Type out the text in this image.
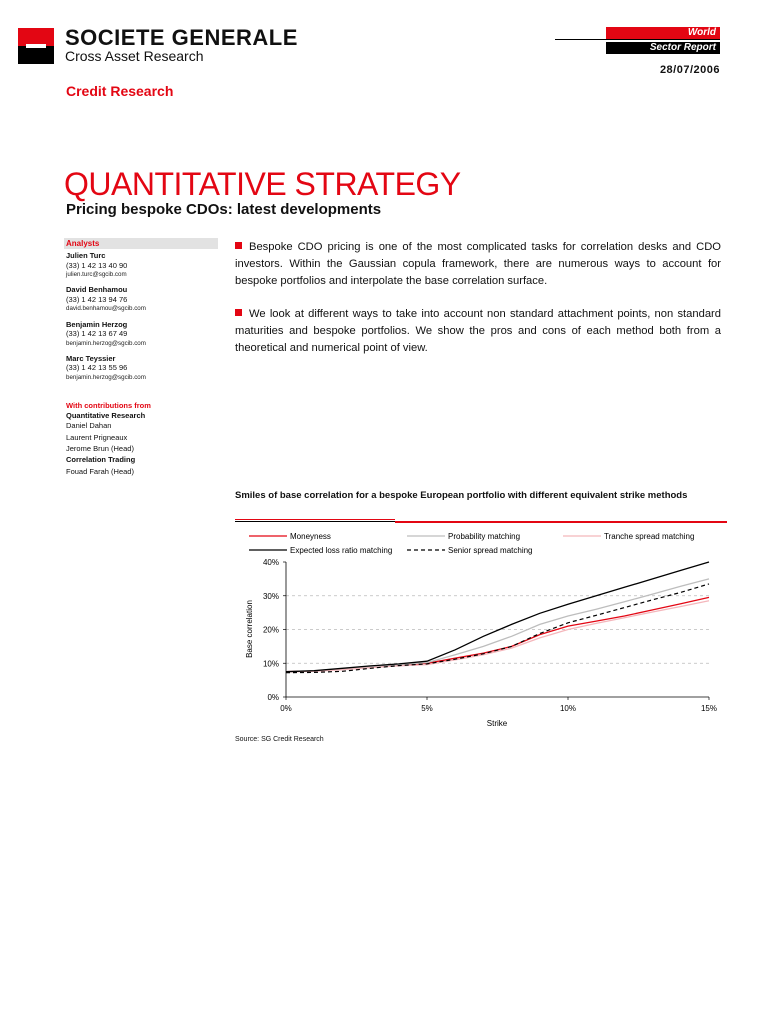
SOCIETE GENERALE
Cross Asset Research
World
Sector Report
28/07/2006
Credit Research
QUANTITATIVE STRATEGY
Pricing bespoke CDOs: latest developments
Analysts
Julien Turc
(33) 1 42 13 40 90
julien.turc@sgcib.com
David Benhamou
(33) 1 42 13 94 76
david.benhamou@sgcib.com
Benjamin Herzog
(33) 1 42 13 67 49
benjamin.herzog@sgcib.com
Marc Teyssier
(33) 1 42 13 55 96
benjamin.herzog@sgcib.com
With contributions from
Quantitative Research
Daniel Dahan
Laurent Prigneaux
Jerome Brun (Head)
Correlation Trading
Fouad Farah (Head)
Bespoke CDO pricing is one of the most complicated tasks for correlation desks and CDO investors. Within the Gaussian copula framework, there are numerous ways to account for bespoke portfolios and interpolate the base correlation surface.
We look at different ways to take into account non standard attachment points, non standard maturities and bespoke portfolios. We show the pros and cons of each method both from a theoretical and numerical point of view.
Smiles of base correlation for a bespoke European portfolio with different equivalent strike methods
Moneyness	Probability matching	Tranche spread matching
Expected loss ratio matching	Senior spread matching
0%
10%
20%
30%
40%
0%	5%	10%	15%
Base correlation
Strike
Source: SG Credit Research
